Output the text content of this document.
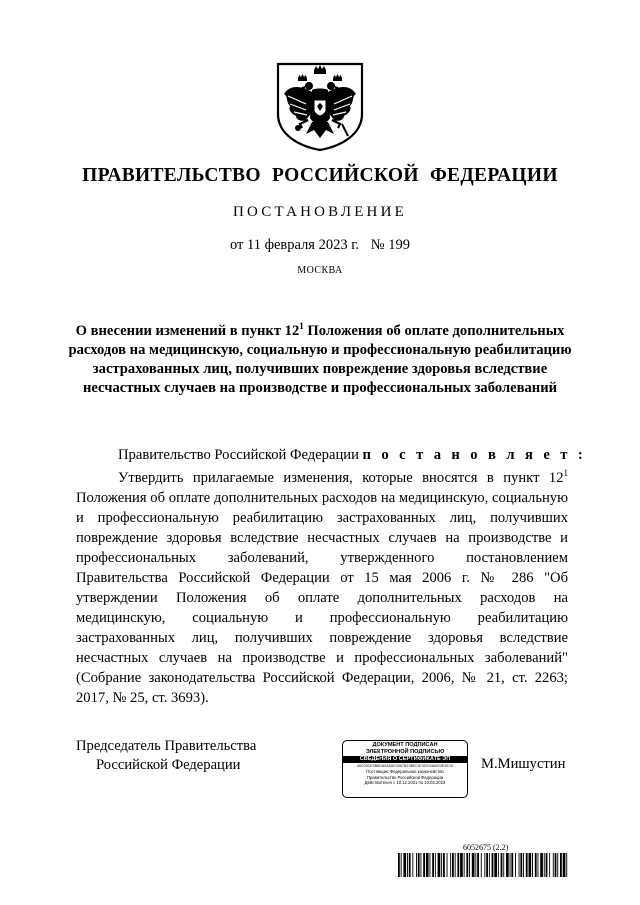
ПРАВИТЕЛЬСТВО РОССИЙСКОЙ ФЕДЕРАЦИИ
ПОСТАНОВЛЕНИЕ
от 11 февраля 2023 г. № 199
МОСКВА
О внесении изменений в пункт $12^1$ Положения об оплате дополнительных расходов на медицинскую, социальную и профессиональную реабилитацию застрахованных лиц, получивших повреждение здоровья вследствие несчастных случаев на производстве и профессиональных заболеваний
Правительство Российской Федерации п о с т а н о в л я е т :

Утвердить прилагаемые изменения, которые вносятся в пункт $12^1$ Положения об оплате дополнительных расходов на медицинскую, социальную и профессиональную реабилитацию застрахованных лиц, получивших повреждение здоровья вследствие несчастных случаев на производстве и профессиональных заболеваний, утвержденного постановлением Правительства Российской Федерации от 15 мая 2006 г. № 286 "Об утверждении Положения об оплате дополнительных расходов на медицинскую, социальную и профессиональную реабилитацию застрахованных лиц, получивших повреждение здоровья вследствие несчастных случаев на производстве и профессиональных заболеваний" (Собрание законодательства Российской Федерации, 2006, № 21, ст. 2263; 2017, № 25, ст. 3693).

Председатель Правительства
Российской Федерации
ДОКУМЕНТ ПОДПИСАН
ЭЛЕКТРОННОЙ ПОДПИСЬЮ
СВЕДЕНИЯ О СЕРТИФИКАТЕ ЭП
40C09CE0B5DA0A0AE3067B2285C1E3CE44A0D2E2E10
Поставщик: Федеральное казначейство
Правительство Российской Федерации
Действителен с 10.12.2021 по 10.03.2023
М.Мишустин
6052675 (2.2)
